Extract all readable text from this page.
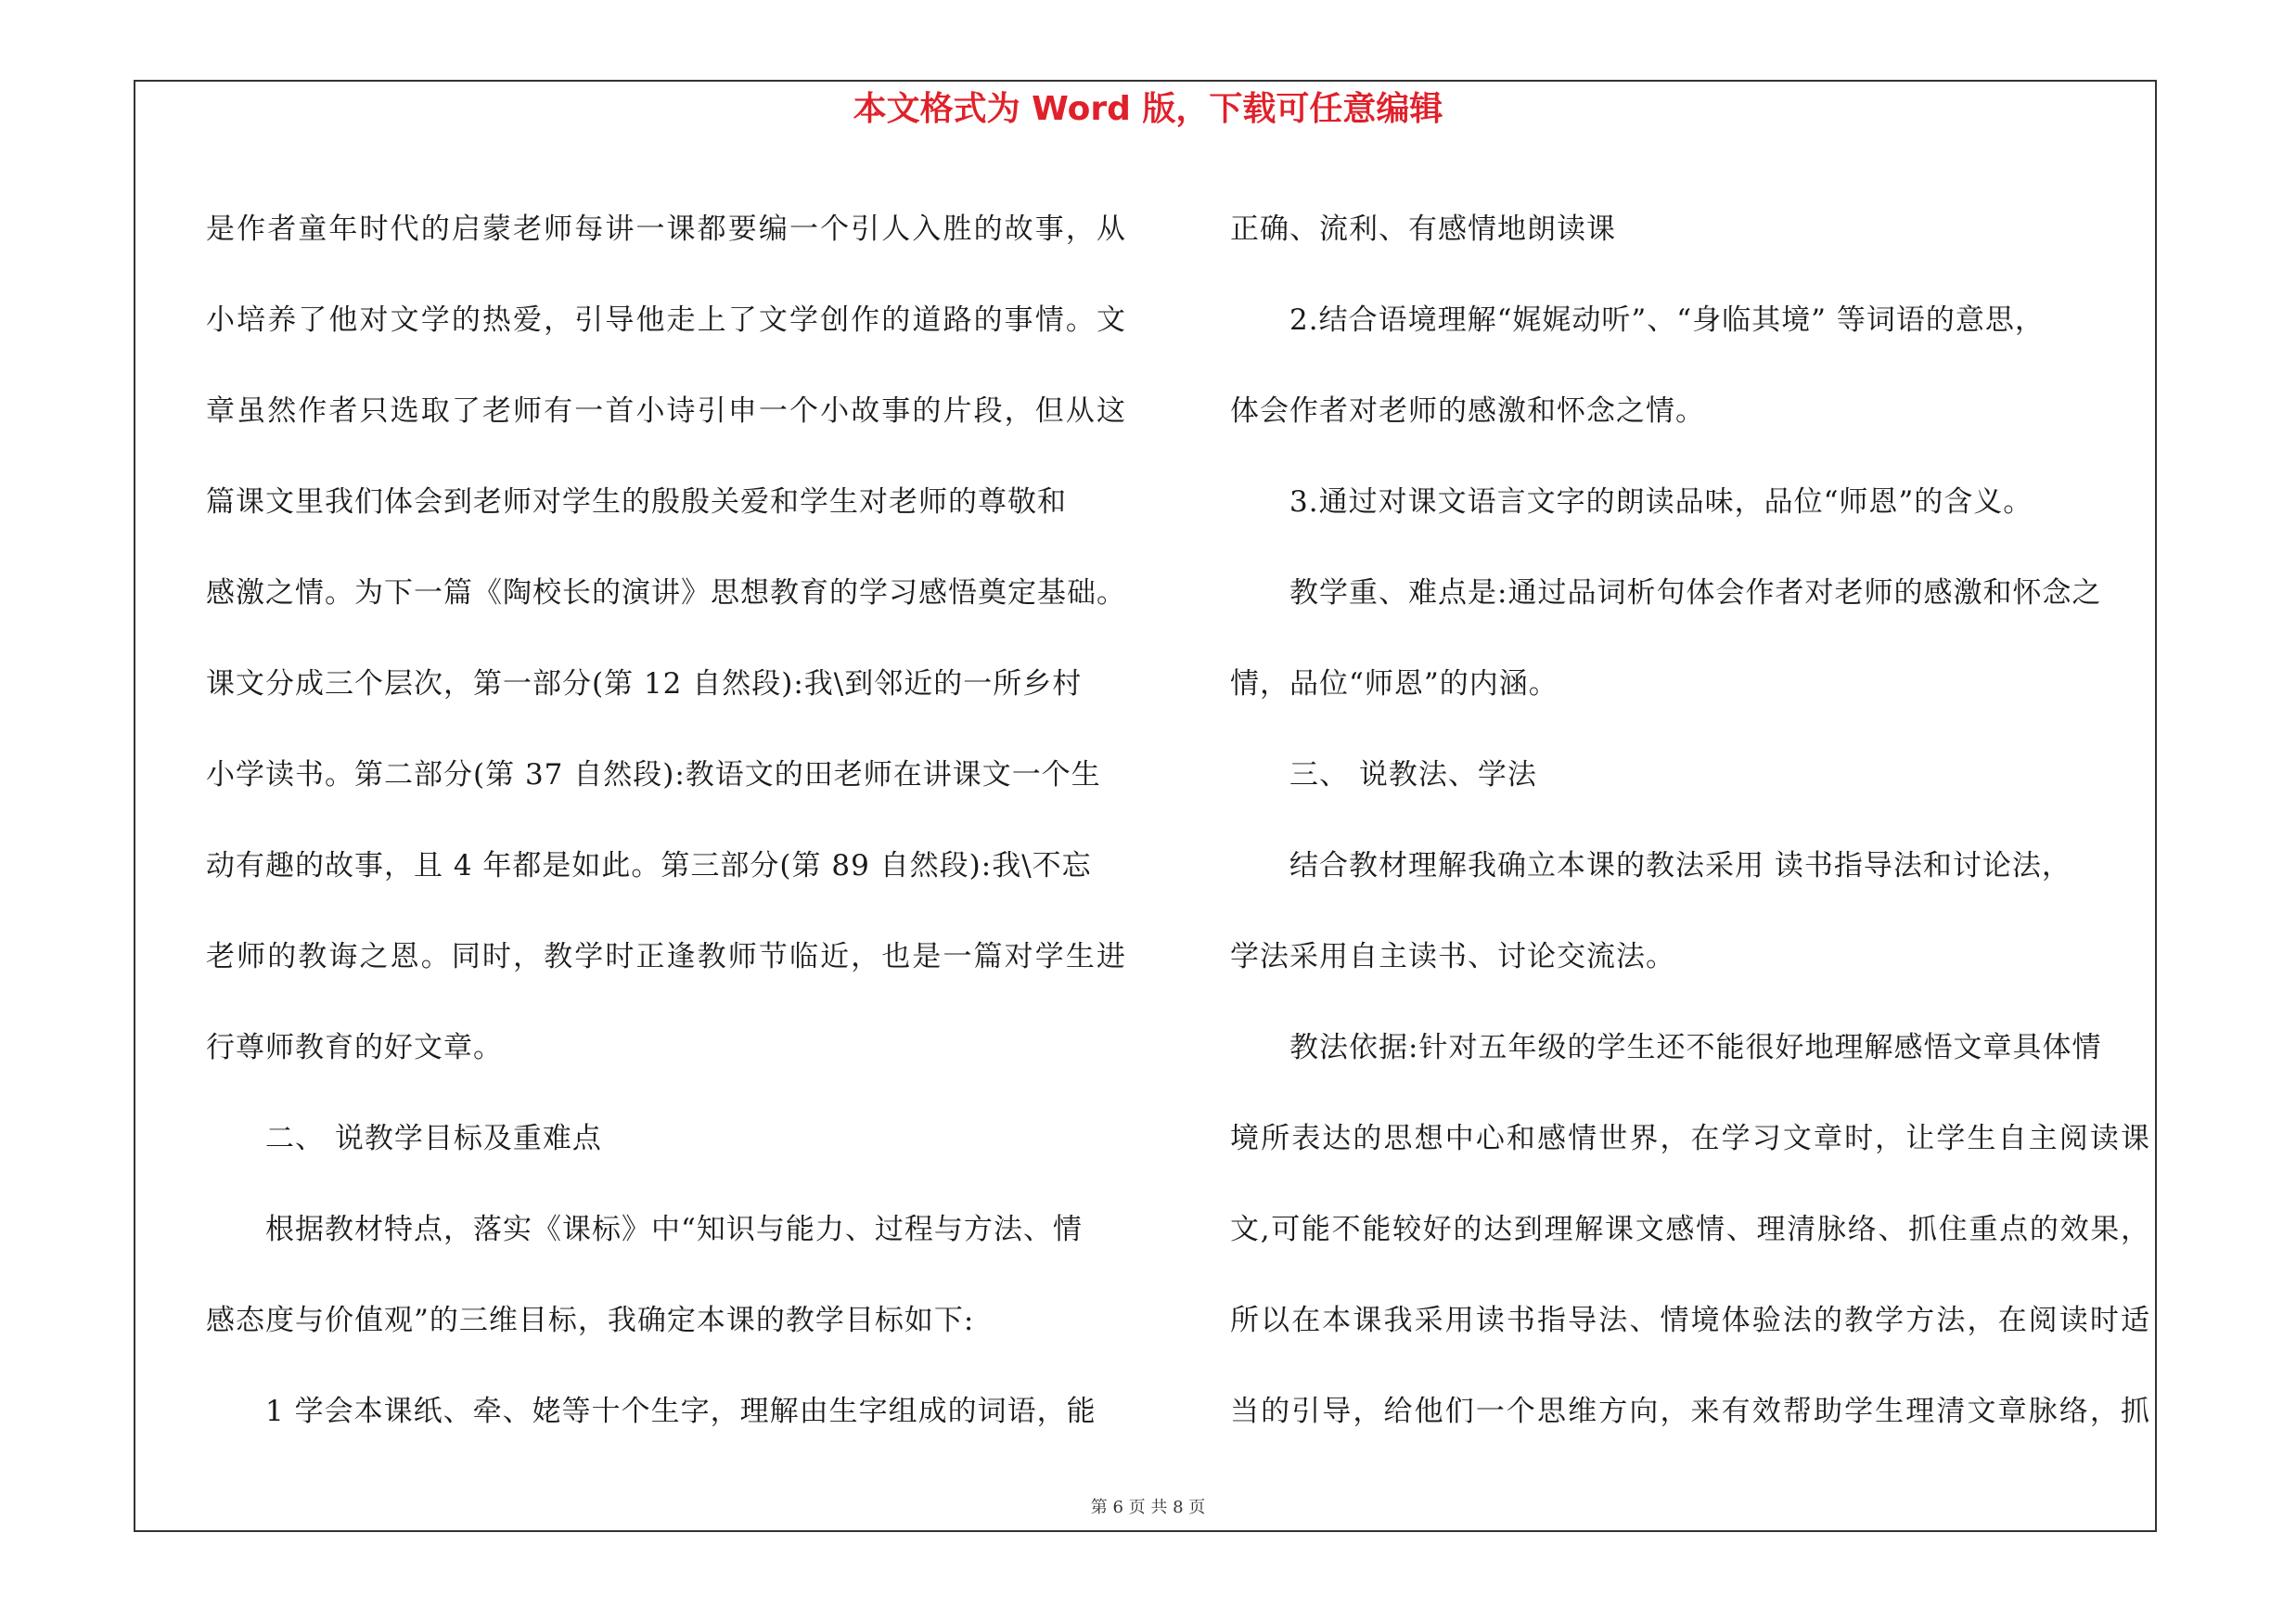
本文格式为 Word 版，下载可任意编辑
是作者童年时代的启蒙老师每讲一课都要编一个引人入胜的故事，从
小培养了他对文学的热爱，引导他走上了文学创作的道路的事情。文
章虽然作者只选取了老师有一首小诗引申一个小故事的片段，但从这
篇课文里我们体会到老师对学生的殷殷关爱和学生对老师的尊敬和
感激之情。为下一篇《陶校长的演讲》思想教育的学习感悟奠定基础。
课文分成三个层次，第一部分(第 12 自然段):我\到邻近的一所乡村
小学读书。第二部分(第 37 自然段):教语文的田老师在讲课文一个生
动有趣的故事，且 4 年都是如此。第三部分(第 89 自然段):我\不忘
老师的教诲之恩。同时，教学时正逢教师节临近，也是一篇对学生进
行尊师教育的好文章。
二、 说教学目标及重难点
根据教材特点，落实《课标》中“知识与能力、过程与方法、情
感态度与价值观”的三维目标，我确定本课的教学目标如下:
1 学会本课纸、牵、姥等十个生字，理解由生字组成的词语，能
正确、流利、有感情地朗读课
2.结合语境理解“娓娓动听”、“身临其境” 等词语的意思，
体会作者对老师的感激和怀念之情。
3.通过对课文语言文字的朗读品味，品位“师恩”的含义。
教学重、难点是:通过品词析句体会作者对老师的感激和怀念之
情，品位“师恩”的内涵。
三、 说教法、学法
结合教材理解我确立本课的教法采用 读书指导法和讨论法，
学法采用自主读书、讨论交流法。
教法依据:针对五年级的学生还不能很好地理解感悟文章具体情
境所表达的思想中心和感情世界，在学习文章时，让学生自主阅读课
文,可能不能较好的达到理解课文感情、理清脉络、抓住重点的效果，
所以在本课我采用读书指导法、情境体验法的教学方法，在阅读时适
当的引导，给他们一个思维方向，来有效帮助学生理清文章脉络，抓
第 6 页 共 8 页
